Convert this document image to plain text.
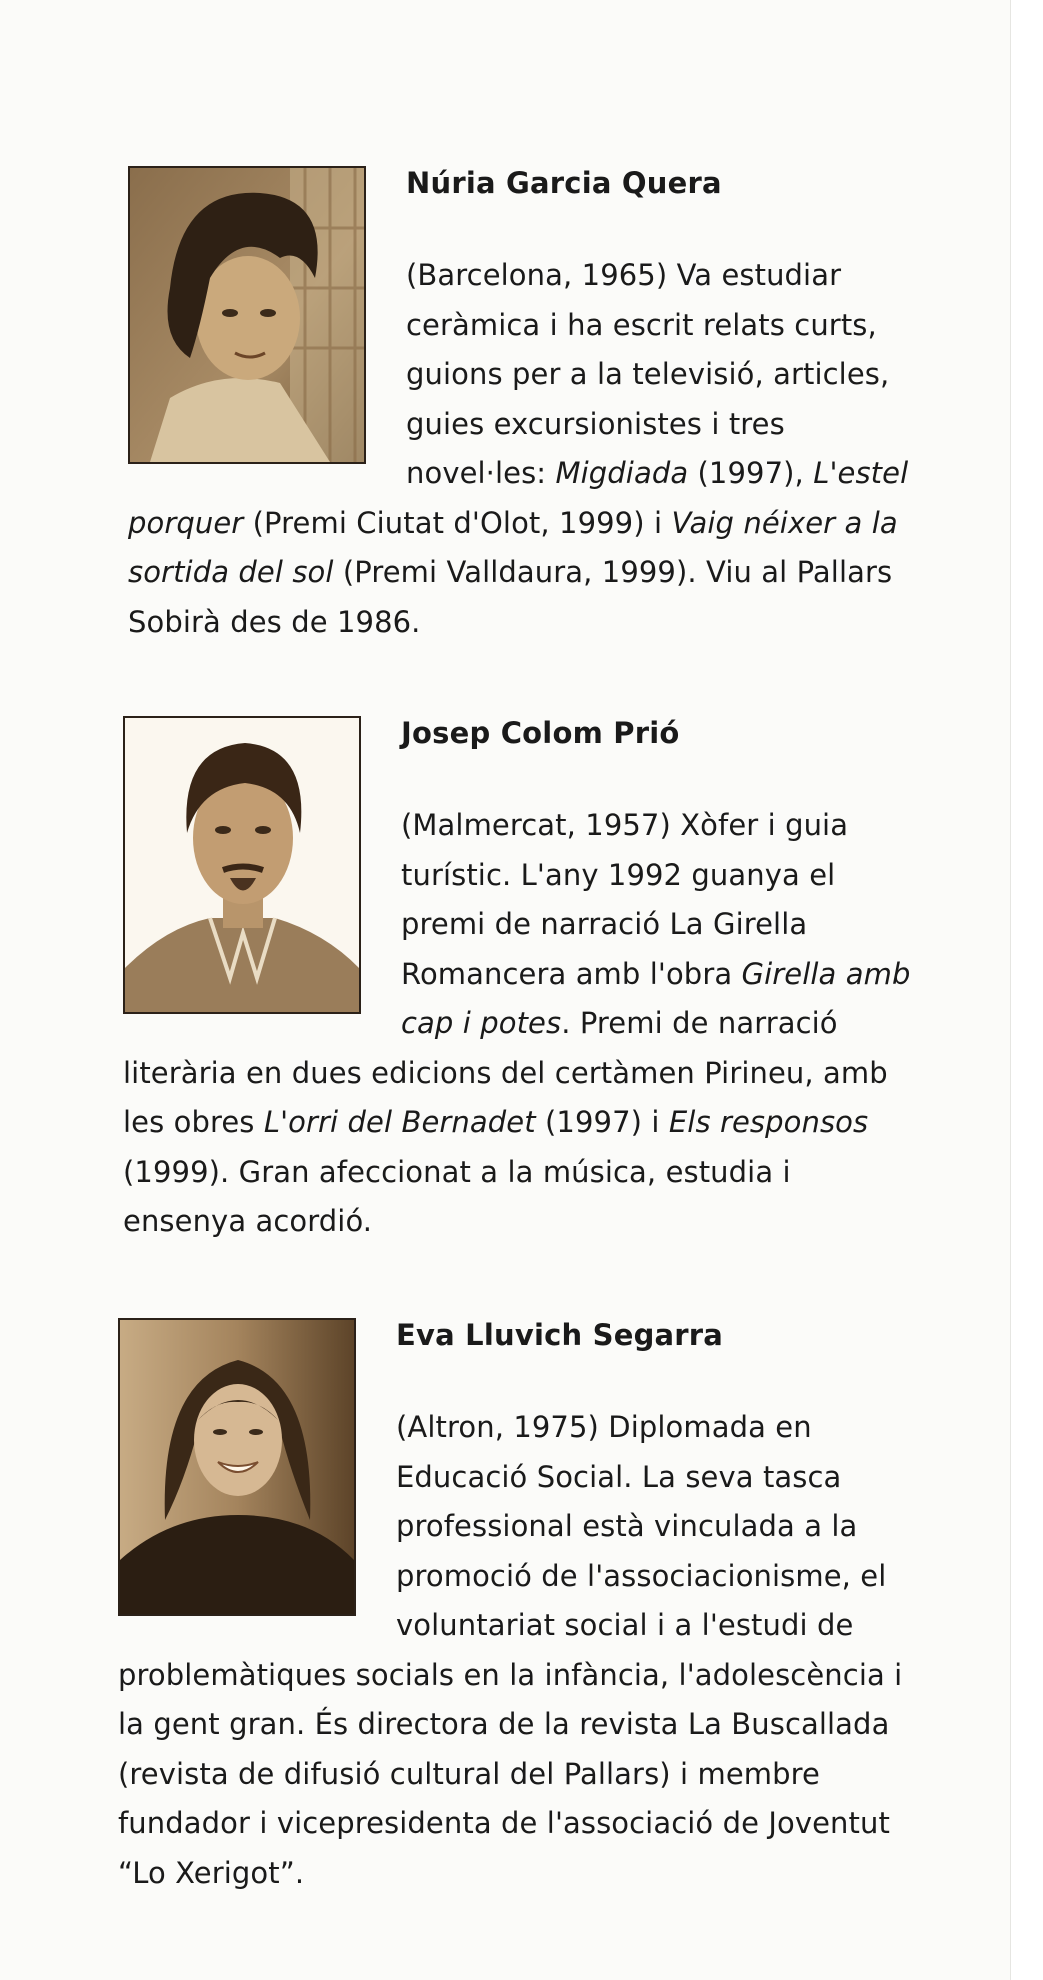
Núria Garcia Quera

(Barcelona, 1965) Va estudiar ceràmica i ha escrit relats curts, guions per a la televisió, articles, guies excursionistes i tres novel·les: Migdiada (1997), L'estel porquer (Premi Ciutat d'Olot, 1999) i Vaig néixer a la sortida del sol (Premi Valldaura, 1999). Viu al Pallars Sobirà des de 1986.

Josep Colom Prió

(Malmercat, 1957) Xòfer i guia turístic. L'any 1992 guanya el premi de narració La Girella Romancera amb l'obra Girella amb cap i potes. Premi de narració literària en dues edicions del certàmen Pirineu, amb les obres L'orri del Bernadet (1997) i Els responsos (1999). Gran afeccionat a la música, estudia i ensenya acordió.

Eva Lluvich Segarra

(Altron, 1975) Diplomada en Educació Social. La seva tasca professional està vinculada a la promoció de l'associacionisme, el voluntariat social i a l'estudi de problemàtiques socials en la infància, l'adolescència i la gent gran. És directora de la revista La Buscallada (revista de difusió cultural del Pallars) i membre fundador i vicepresidenta de l'associació de Joventut “Lo Xerigot”.
